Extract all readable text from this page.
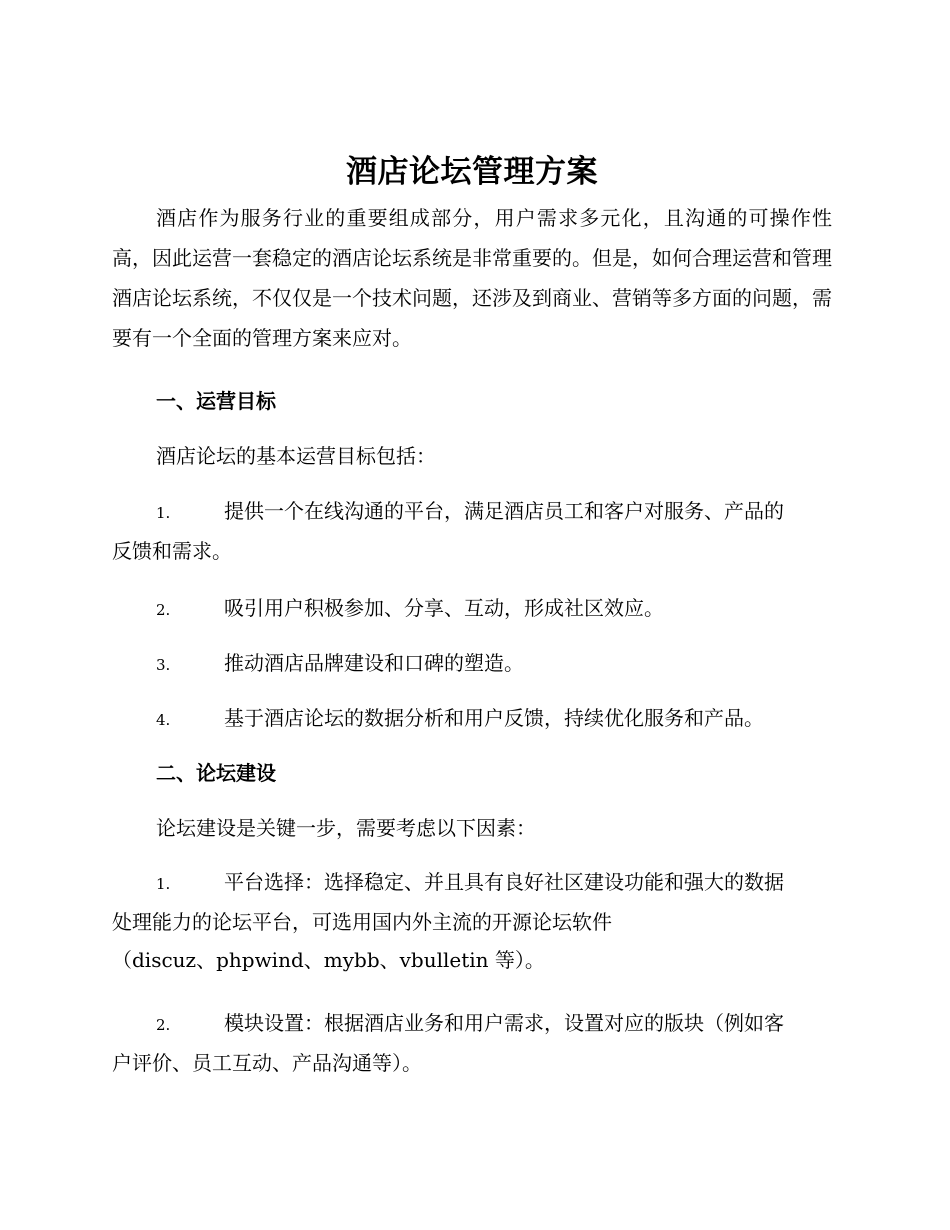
酒店论坛管理方案

酒店作为服务行业的重要组成部分，用户需求多元化，且沟通的可操作性高，因此运营一套稳定的酒店论坛系统是非常重要的。但是，如何合理运营和管理酒店论坛系统，不仅仅是一个技术问题，还涉及到商业、营销等多方面的问题，需要有一个全面的管理方案来应对。

一、运营目标

酒店论坛的基本运营目标包括：

1.	提供一个在线沟通的平台，满足酒店员工和客户对服务、产品的
反馈和需求。
2.	吸引用户积极参加、分享、互动，形成社区效应。
3.	推动酒店品牌建设和口碑的塑造。
4.	基于酒店论坛的数据分析和用户反馈，持续优化服务和产品。

二、论坛建设

论坛建设是关键一步，需要考虑以下因素：

1.	平台选择：选择稳定、并且具有良好社区建设功能和强大的数据
处理能力的论坛平台，可选用国内外主流的开源论坛软件
（discuz、phpwind、mybb、vbulletin 等）。
2.	模块设置：根据酒店业务和用户需求，设置对应的版块（例如客
户评价、员工互动、产品沟通等）。
